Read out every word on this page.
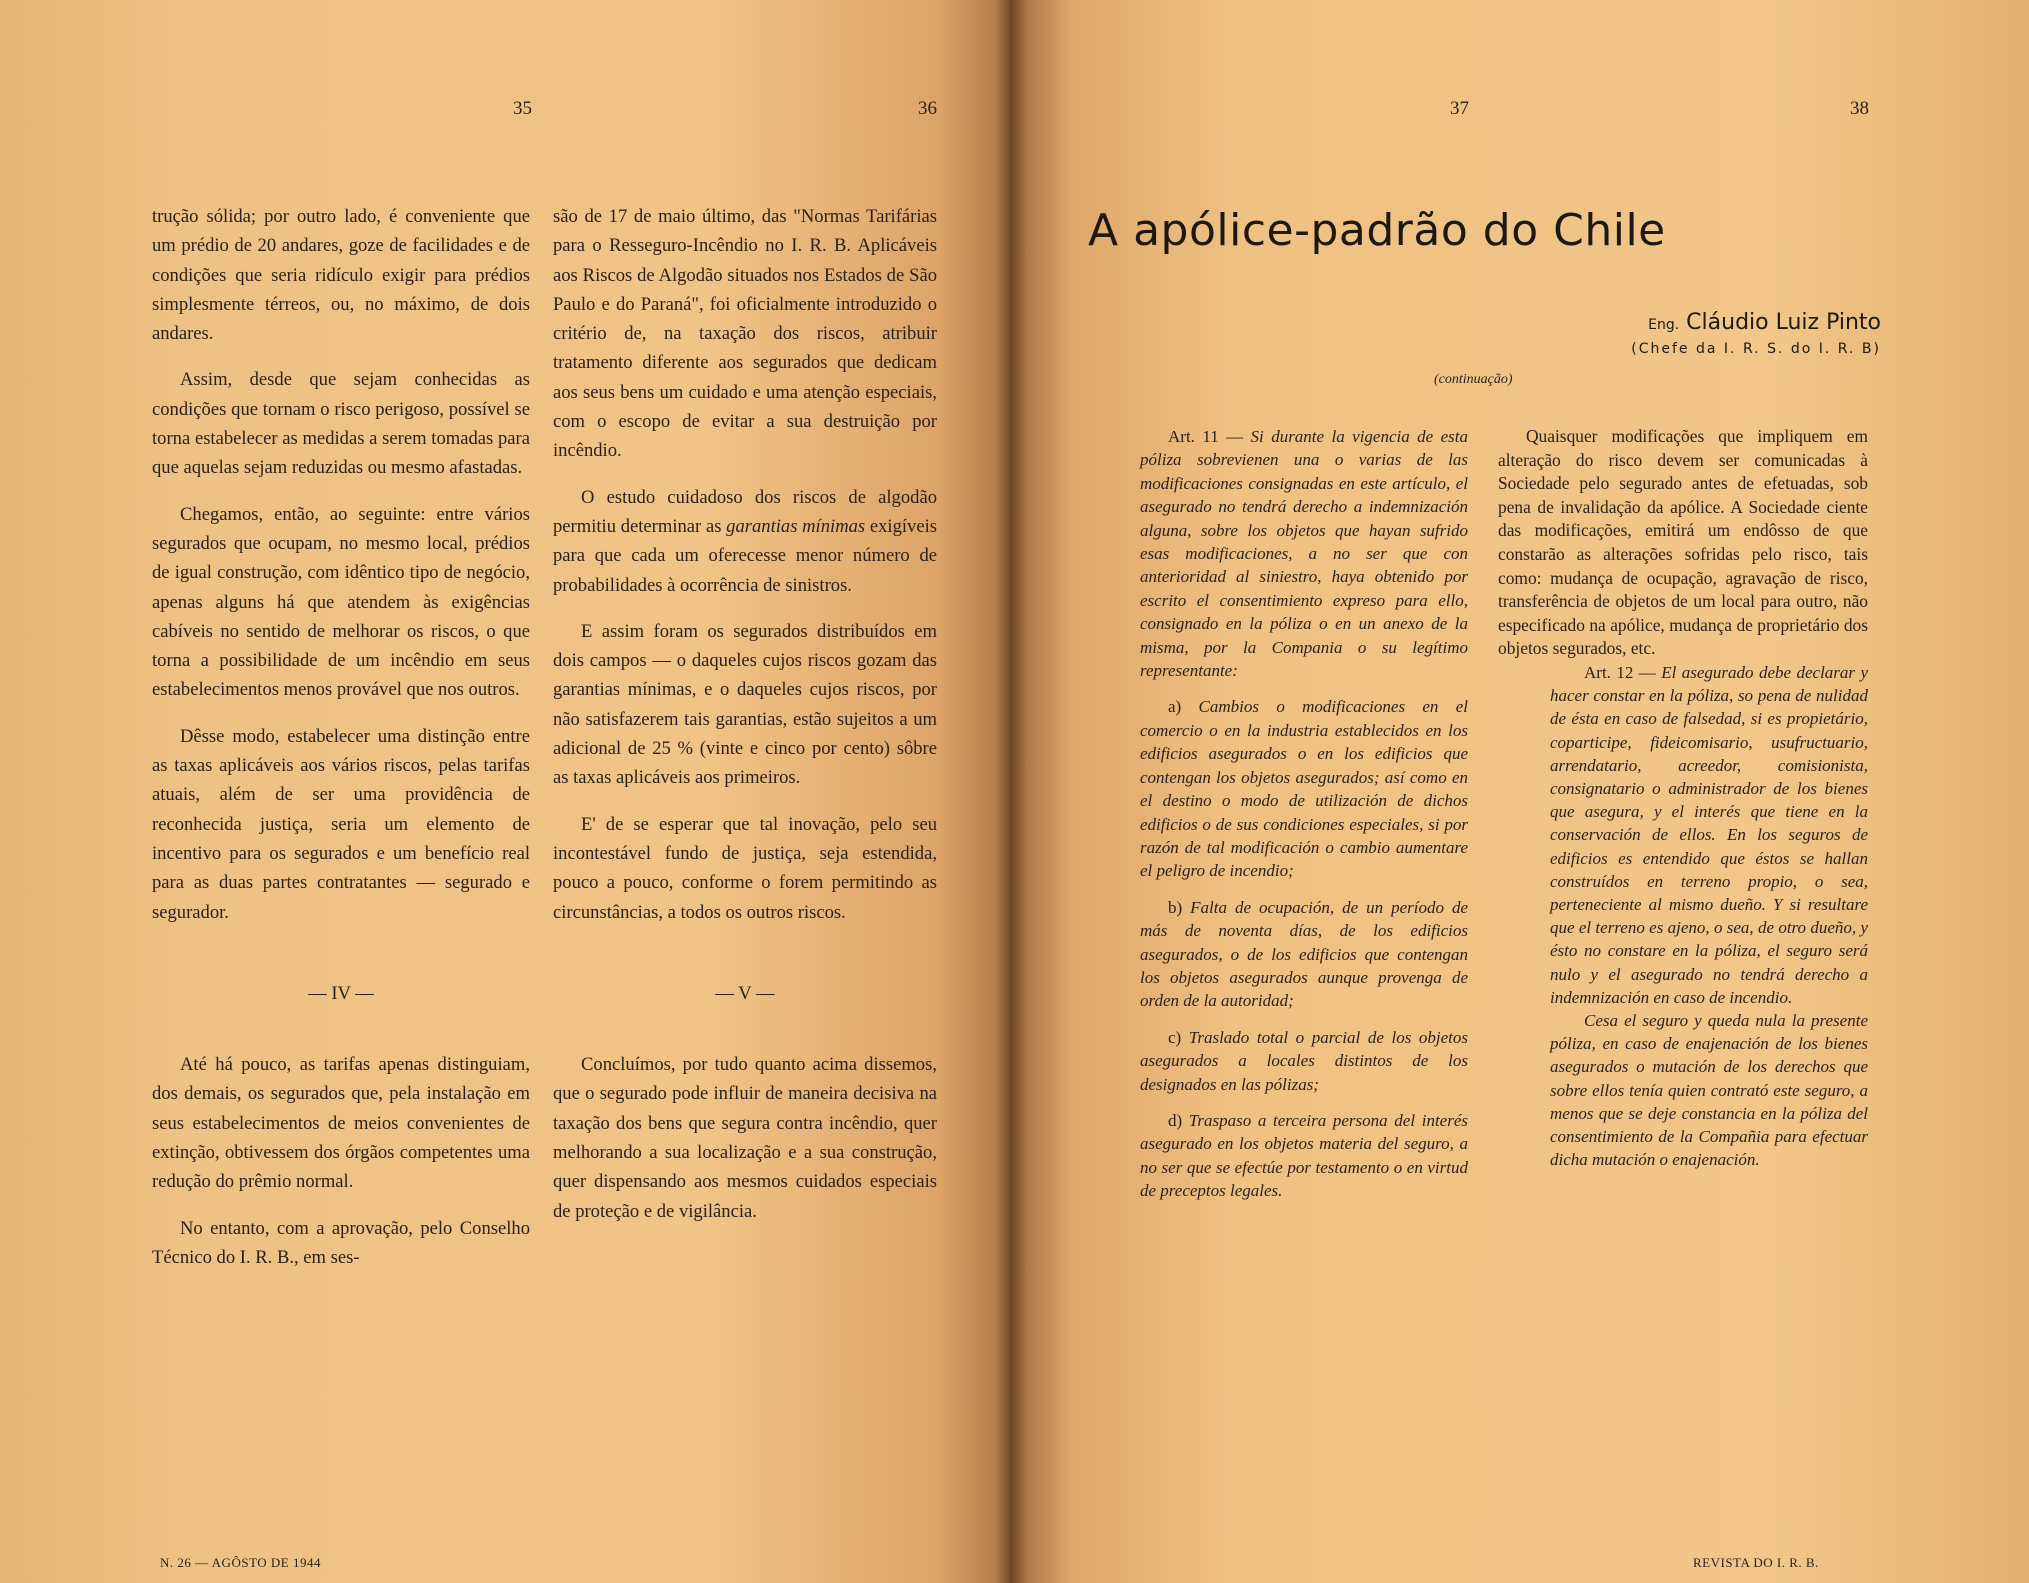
35	36

trução sólida; por outro lado, é conveniente que um prédio de 20 andares, goze de facilidades e de condições que seria ridículo exigir para prédios simplesmente térreos, ou, no máximo, de dois andares.

Assim, desde que sejam conhecidas as condições que tornam o risco perigoso, possível se torna estabelecer as medidas a serem tomadas para que aquelas sejam reduzidas ou mesmo afastadas.

Chegamos, então, ao seguinte: entre vários segurados que ocupam, no mesmo local, prédios de igual construção, com idêntico tipo de negócio, apenas alguns há que atendem às exigências cabíveis no sentido de melhorar os riscos, o que torna a possibilidade de um incêndio em seus estabelecimentos menos provável que nos outros.

Dêsse modo, estabelecer uma distinção entre as taxas aplicáveis aos vários riscos, pelas tarifas atuais, além de ser uma providência de reconhecida justiça, seria um elemento de incentivo para os segurados e um benefício real para as duas partes contratantes — segurado e segurador.

— IV —

Até há pouco, as tarifas apenas distinguiam, dos demais, os segurados que, pela instalação em seus estabelecimentos de meios convenientes de extinção, obtivessem dos órgãos competentes uma redução do prêmio normal.

No entanto, com a aprovação, pelo Conselho Técnico do I. R. B., em ses-

são de 17 de maio último, das "Normas Tarifárias para o Resseguro-Incêndio no I. R. B. Aplicáveis aos Riscos de Algodão situados nos Estados de São Paulo e do Paraná", foi oficialmente introduzido o critério de, na taxação dos riscos, atribuir tratamento diferente aos segurados que dedicam aos seus bens um cuidado e uma atenção especiais, com o escopo de evitar a sua destruição por incêndio.

O estudo cuidadoso dos riscos de algodão permitiu determinar as garantias mínimas exigíveis para que cada um oferecesse menor número de probabilidades à ocorrência de sinistros.

E assim foram os segurados distribuídos em dois campos — o daqueles cujos riscos gozam das garantias mínimas, e o daqueles cujos riscos, por não satisfazerem tais garantias, estão sujeitos a um adicional de 25 % (vinte e cinco por cento) sôbre as taxas aplicáveis aos primeiros.

E' de se esperar que tal inovação, pelo seu incontestável fundo de justiça, seja estendida, pouco a pouco, conforme o forem permitindo as circunstâncias, a todos os outros riscos.

— V —

Concluímos, por tudo quanto acima dissemos, que o segurado pode influir de maneira decisiva na taxação dos bens que segura contra incêndio, quer melhorando a sua localização e a sua construção, quer dispensando aos mesmos cuidados especiais de proteção e de vigilância.

N. 26 — AGÔSTO DE 1944
37	38
REVISTA DO I. R. B.
A apólice-padrão do Chile
Eng. Cláudio Luiz Pinto
(Chefe da I. R. S. do I. R. B)
(continuação)

Art. 11 — Si durante la vigencia de esta póliza sobrevienen una o varias de las modificaciones consignadas en este artículo, el asegurado no tendrá derecho a indemnización alguna, sobre los objetos que hayan sufrido esas modificaciones, a no ser que con anterioridad al siniestro, haya obtenido por escrito el consentimiento expreso para ello, consignado en la póliza o en un anexo de la misma, por la Compania o su legítimo representante:

a) Cambios o modificaciones en el comercio o en la industria establecidos en los edificios asegurados o en los edificios que contengan los objetos asegurados; así como en el destino o modo de utilización de dichos edificios o de sus condiciones especiales, si por razón de tal modificación o cambio aumentare el peligro de incendio;

b) Falta de ocupación, de un período de más de noventa días, de los edificios asegurados, o de los edificios que contengan los objetos asegurados aunque provenga de orden de la autoridad;

c) Traslado total o parcial de los objetos asegurados a locales distintos de los designados en las pólizas;

d) Traspaso a terceira persona del interés asegurado en los objetos materia del seguro, a no ser que se efectúe por testamento o en virtud de preceptos legales.

Quaisquer modificações que impliquem em alteração do risco devem ser comunicadas à Sociedade pelo segurado antes de efetuadas, sob pena de invalidação da apólice. A Sociedade ciente das modificações, emitirá um endôsso de que constarão as alterações sofridas pelo risco, tais como: mudança de ocupação, agravação de risco, transferência de objetos de um local para outro, não especificado na apólice, mudança de proprietário dos objetos segurados, etc.

Art. 12 — El asegurado debe declarar y hacer constar en la póliza, so pena de nulidad de ésta en caso de falsedad, si es propietário, coparticipe, fideicomisario, usufructuario, arrendatario, acreedor, comisionista, consignatario o administrador de los bienes que asegura, y el interés que tiene en la conservación de ellos. En los seguros de edificios es entendido que éstos se hallan construídos en terreno propio, o sea, perteneciente al mismo dueño. Y si resultare que el terreno es ajeno, o sea, de otro dueño, y ésto no constare en la póliza, el seguro será nulo y el asegurado no tendrá derecho a indemnización en caso de incendio.

Cesa el seguro y queda nula la presente póliza, en caso de enajenación de los bienes asegurados o mutación de los derechos que sobre ellos tenía quien contrató este seguro, a menos que se deje constancia en la póliza del consentimiento de la Compañia para efectuar dicha mutación o enajenación.
